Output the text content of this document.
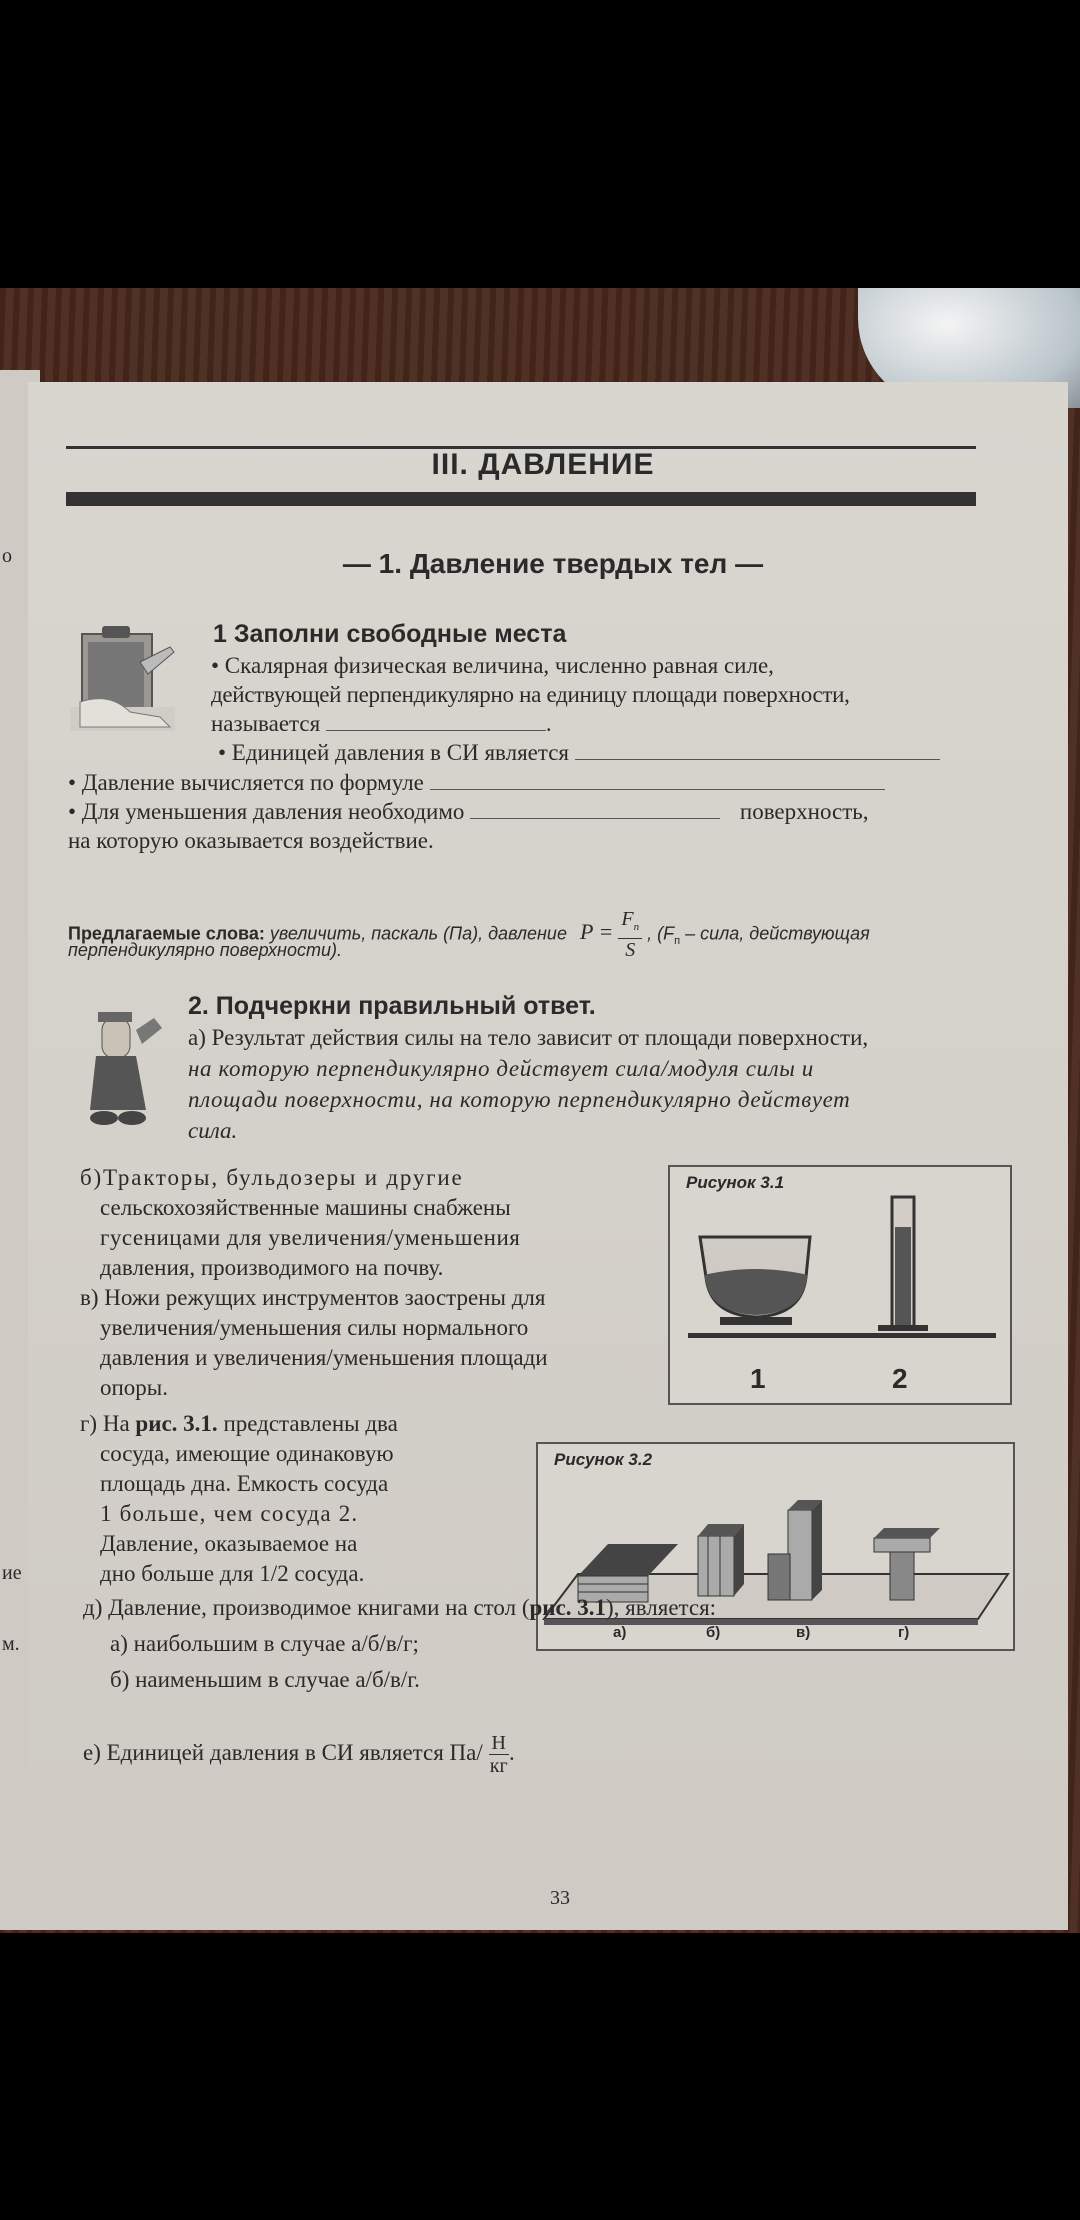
о
ие
м.
III. ДАВЛЕНИЕ
— 1. Давление твердых тел —
1 Заполни свободные места
• Скалярная физическая величина, численно равная силе,
действующей перпендикулярно на единицу площади поверхности,
называется	.
• Единицей давления в СИ является
• Давление вычисляется по формуле
• Для уменьшения давления необходимо	поверхность,
на которую оказывается воздействие.
Предлагаемые слова: увеличить, паскаль (Па), давление P =
$F_п$
S
, ($F_п$ – сила, действующая
перпендикулярно поверхности).
2. Подчеркни правильный ответ.
а) Результат действия силы на тело зависит от площади поверхности,
на которую перпендикулярно действует сила/модуля силы и
площади поверхности, на которую перпендикулярно действует
сила.
б)Тракторы, бульдозеры и другие
сельскохозяйственные машины снабжены
гусеницами для увеличения/уменьшения
давления, производимого на почву.
в) Ножи режущих инструментов заострены для
увеличения/уменьшения силы нормального
давления и увеличения/уменьшения площади
опоры.
Рисунок 3.1
1	2
г) На рис. 3.1. представлены два
сосуда, имеющие одинаковую
площадь дна. Емкость сосуда
1 больше, чем сосуда 2.
Давление, оказываемое на
дно больше для 1/2 сосуда.
Рисунок 3.2
а)	б)	в)	г)
д) Давление, производимое книгами на стол (рис. 3.1), является:
а) наибольшим в случае а/б/в/г;
б) наименьшим в случае а/б/в/г.
е) Единицей давления в СИ является Па/ Н
кг
.
33
